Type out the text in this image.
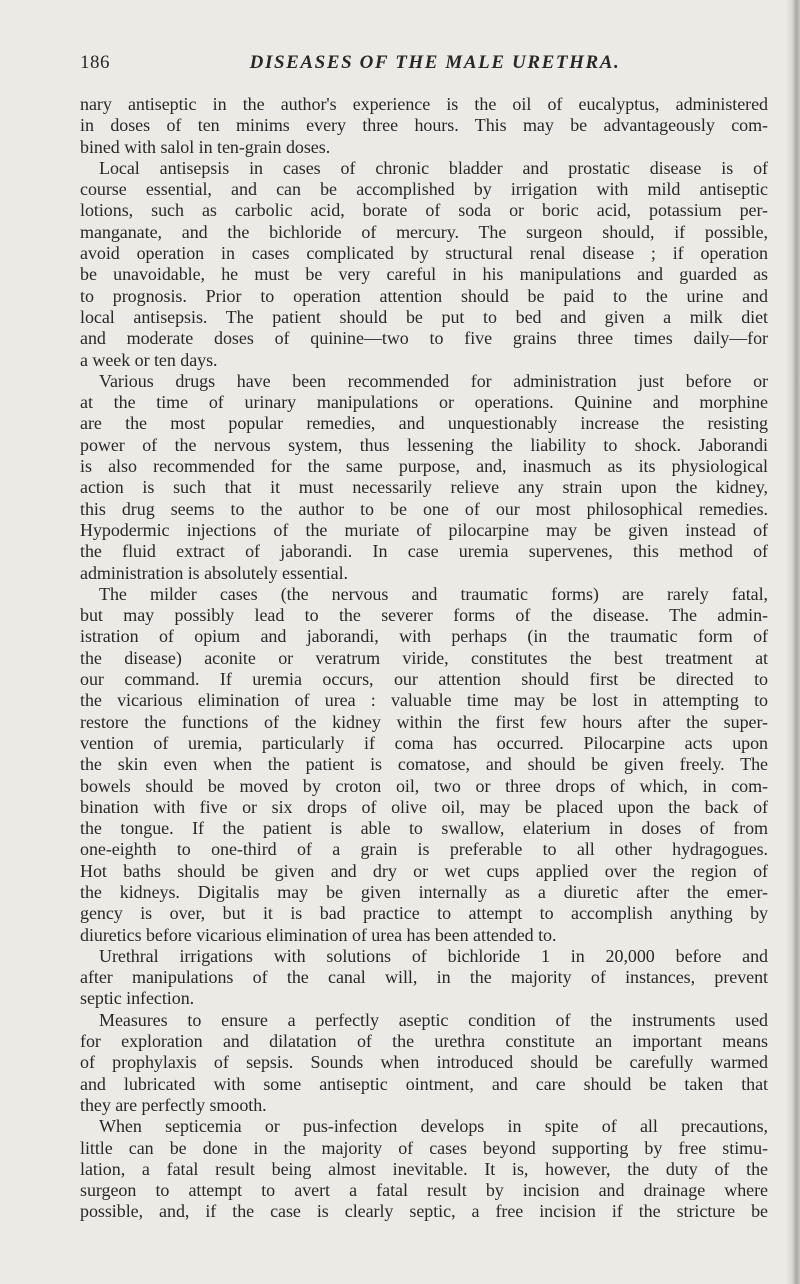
DISEASES OF THE MALE URETHRA.
186
nary antiseptic in the author's experience is the oil of eucalyptus, administered
in doses of ten minims every three hours. This may be advantageously com-
bined with salol in ten-grain doses.
Local antisepsis in cases of chronic bladder and prostatic disease is of
course essential, and can be accomplished by irrigation with mild antiseptic
lotions, such as carbolic acid, borate of soda or boric acid, potassium per-
manganate, and the bichloride of mercury. The surgeon should, if possible,
avoid operation in cases complicated by structural renal disease ; if operation
be unavoidable, he must be very careful in his manipulations and guarded as
to prognosis. Prior to operation attention should be paid to the urine and
local antisepsis. The patient should be put to bed and given a milk diet
and moderate doses of quinine—two to five grains three times daily—for
a week or ten days.
Various drugs have been recommended for administration just before or
at the time of urinary manipulations or operations. Quinine and morphine
are the most popular remedies, and unquestionably increase the resisting
power of the nervous system, thus lessening the liability to shock. Jaborandi
is also recommended for the same purpose, and, inasmuch as its physiological
action is such that it must necessarily relieve any strain upon the kidney,
this drug seems to the author to be one of our most philosophical remedies.
Hypodermic injections of the muriate of pilocarpine may be given instead of
the fluid extract of jaborandi. In case uremia supervenes, this method of
administration is absolutely essential.
The milder cases (the nervous and traumatic forms) are rarely fatal,
but may possibly lead to the severer forms of the disease. The admin-
istration of opium and jaborandi, with perhaps (in the traumatic form of
the disease) aconite or veratrum viride, constitutes the best treatment at
our command. If uremia occurs, our attention should first be directed to
the vicarious elimination of urea : valuable time may be lost in attempting to
restore the functions of the kidney within the first few hours after the super-
vention of uremia, particularly if coma has occurred. Pilocarpine acts upon
the skin even when the patient is comatose, and should be given freely. The
bowels should be moved by croton oil, two or three drops of which, in com-
bination with five or six drops of olive oil, may be placed upon the back of
the tongue. If the patient is able to swallow, elaterium in doses of from
one-eighth to one-third of a grain is preferable to all other hydragogues.
Hot baths should be given and dry or wet cups applied over the region of
the kidneys. Digitalis may be given internally as a diuretic after the emer-
gency is over, but it is bad practice to attempt to accomplish anything by
diuretics before vicarious elimination of urea has been attended to.
Urethral irrigations with solutions of bichloride 1 in 20,000 before and
after manipulations of the canal will, in the majority of instances, prevent
septic infection.
Measures to ensure a perfectly aseptic condition of the instruments used
for exploration and dilatation of the urethra constitute an important means
of prophylaxis of sepsis. Sounds when introduced should be carefully warmed
and lubricated with some antiseptic ointment, and care should be taken that
they are perfectly smooth.
When septicemia or pus-infection develops in spite of all precautions,
little can be done in the majority of cases beyond supporting by free stimu-
lation, a fatal result being almost inevitable. It is, however, the duty of the
surgeon to attempt to avert a fatal result by incision and drainage where
possible, and, if the case is clearly septic, a free incision if the stricture be
